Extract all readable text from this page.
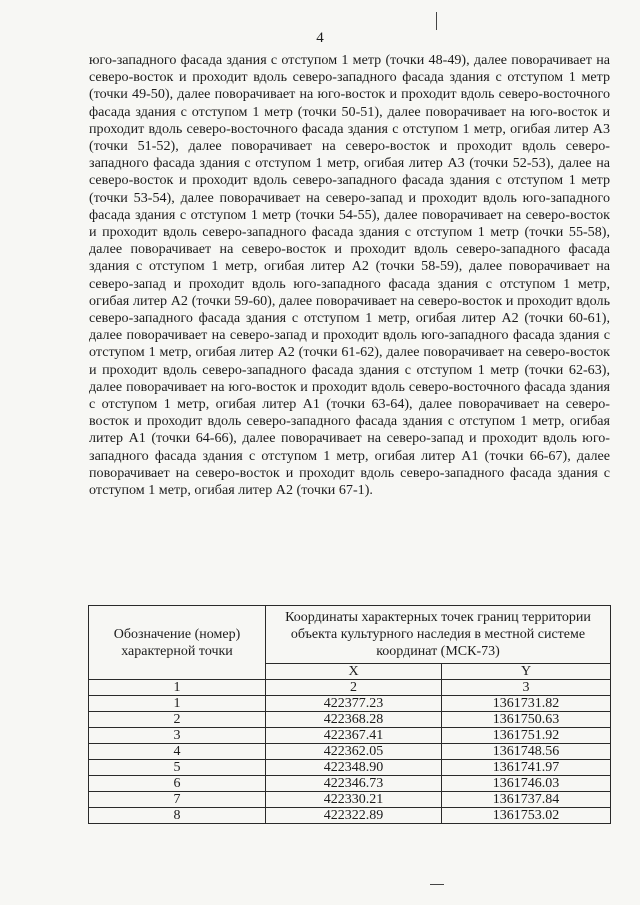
4

юго-западного фасада здания с отступом 1 метр (точки 48-49), далее поворачивает на северо-восток и проходит вдоль северо-западного фасада здания с отступом 1 метр (точки 49-50), далее поворачивает на юго-восток и проходит вдоль северо-восточного фасада здания с отступом 1 метр (точки 50-51), далее поворачивает на юго-восток и проходит вдоль северо-восточного фасада здания с отступом 1 метр, огибая литер А3 (точки 51-52), далее поворачивает на северо-восток и проходит вдоль северо-западного фасада здания с отступом 1 метр, огибая литер А3 (точки 52-53), далее на северо-восток и проходит вдоль северо-западного фасада здания с отступом 1 метр (точки 53-54), далее поворачивает на северо-запад и проходит вдоль юго-западного фасада здания с отступом 1 метр (точки 54-55), далее поворачивает на северо-восток и проходит вдоль северо-западного фасада здания с отступом 1 метр (точки 55-58), далее поворачивает на северо-восток и проходит вдоль северо-западного фасада здания с отступом 1 метр, огибая литер А2 (точки 58-59), далее поворачивает на северо-запад и проходит вдоль юго-западного фасада здания с отступом 1 метр, огибая литер А2 (точки 59-60), далее поворачивает на северо-восток и проходит вдоль северо-западного фасада здания с отступом 1 метр, огибая литер А2 (точки 60-61), далее поворачивает на северо-запад и проходит вдоль юго-западного фасада здания с отступом 1 метр, огибая литер А2 (точки 61-62), далее поворачивает на северо-восток и проходит вдоль северо-западного фасада здания с отступом 1 метр (точки 62-63), далее поворачивает на юго-восток и проходит вдоль северо-восточного фасада здания с отступом 1 метр, огибая литер А1 (точки 63-64), далее поворачивает на северо-восток и проходит вдоль северо-западного фасада здания с отступом 1 метр, огибая литер А1 (точки 64-66), далее поворачивает на северо-запад и проходит вдоль юго-западного фасада здания с отступом 1 метр, огибая литер А1 (точки 66-67), далее поворачивает на северо-восток и проходит вдоль северо-западного фасада здания с отступом 1 метр, огибая литер А2 (точки 67-1).

Обозначение (номер) характерной точки	Координаты характерных точек границ территории объекта культурного наследия в местной системе координат (МСК-73)	
	X	Y
1	2	3
1	422377.23	1361731.82
2	422368.28	1361750.63
3	422367.41	1361751.92
4	422362.05	1361748.56
5	422348.90	1361741.97
6	422346.73	1361746.03
7	422330.21	1361737.84
8	422322.89	1361753.02
